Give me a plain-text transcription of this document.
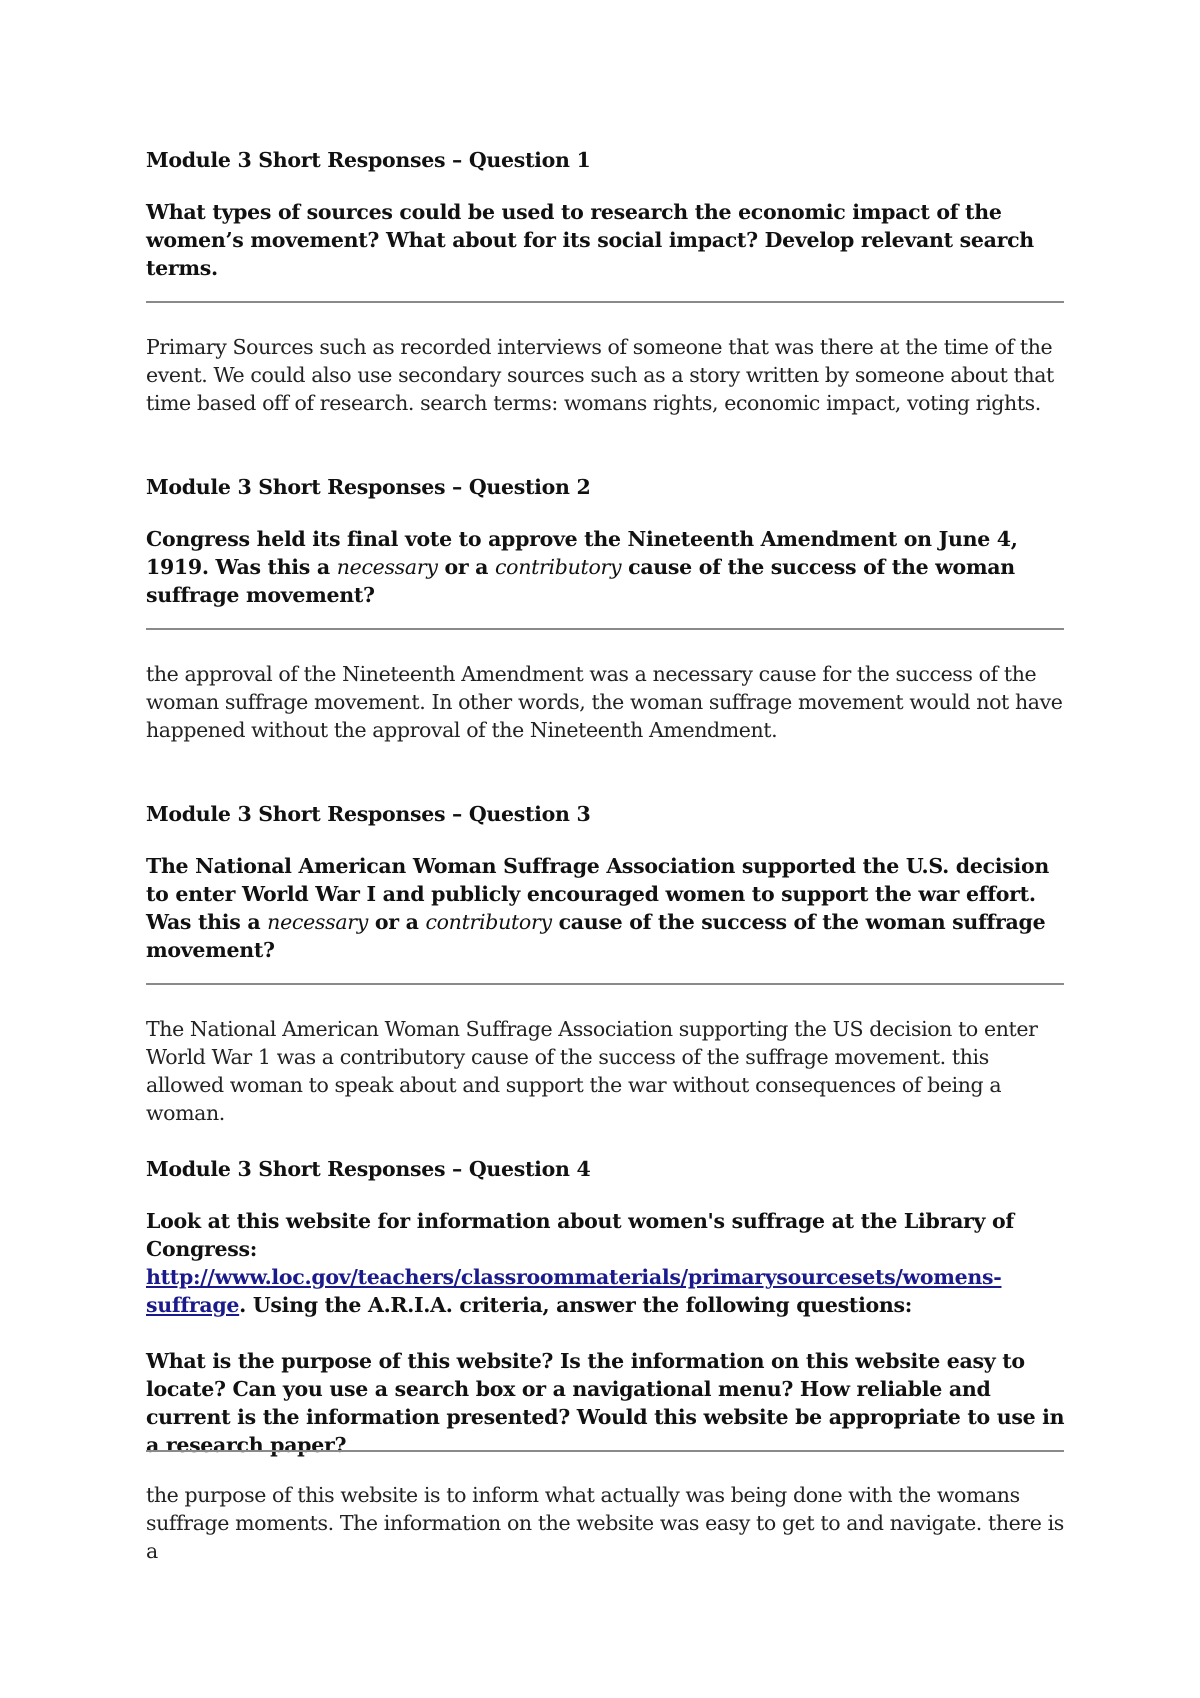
Module 3 Short Responses – Question 1

What types of sources could be used to research the economic impact of the women’s movement? What about for its social impact? Develop relevant search terms.

Primary Sources such as recorded interviews of someone that was there at the time of the event. We could also use secondary sources such as a story written by someone about that time based off of research. search terms: womans rights, economic impact, voting rights.

Module 3 Short Responses – Question 2

Congress held its final vote to approve the Nineteenth Amendment on June 4, 1919. Was this a necessary or a contributory cause of the success of the woman suffrage movement?

the approval of the Nineteenth Amendment was a necessary cause for the success of the woman suffrage movement. In other words, the woman suffrage movement would not have happened without the approval of the Nineteenth Amendment.

Module 3 Short Responses – Question 3

The National American Woman Suffrage Association supported the U.S. decision to enter World War I and publicly encouraged women to support the war effort. Was this a necessary or a contributory cause of the success of the woman suffrage movement?

The National American Woman Suffrage Association supporting the US decision to enter World War 1 was a contributory cause of the success of the suffrage movement. this allowed woman to speak about and support the war without consequences of being a woman.

Module 3 Short Responses – Question 4

Look at this website for information about women's suffrage at the Library of Congress: http://www.loc.gov/teachers/classroommaterials/primarysourcesets/womens-suffrage. Using the A.R.I.A. criteria, answer the following questions:

What is the purpose of this website? Is the information on this website easy to locate? Can you use a search box or a navigational menu? How reliable and current is the information presented? Would this website be appropriate to use in a research paper?

the purpose of this website is to inform what actually was being done with the womans suffrage moments. The information on the website was easy to get to and navigate. there is a
